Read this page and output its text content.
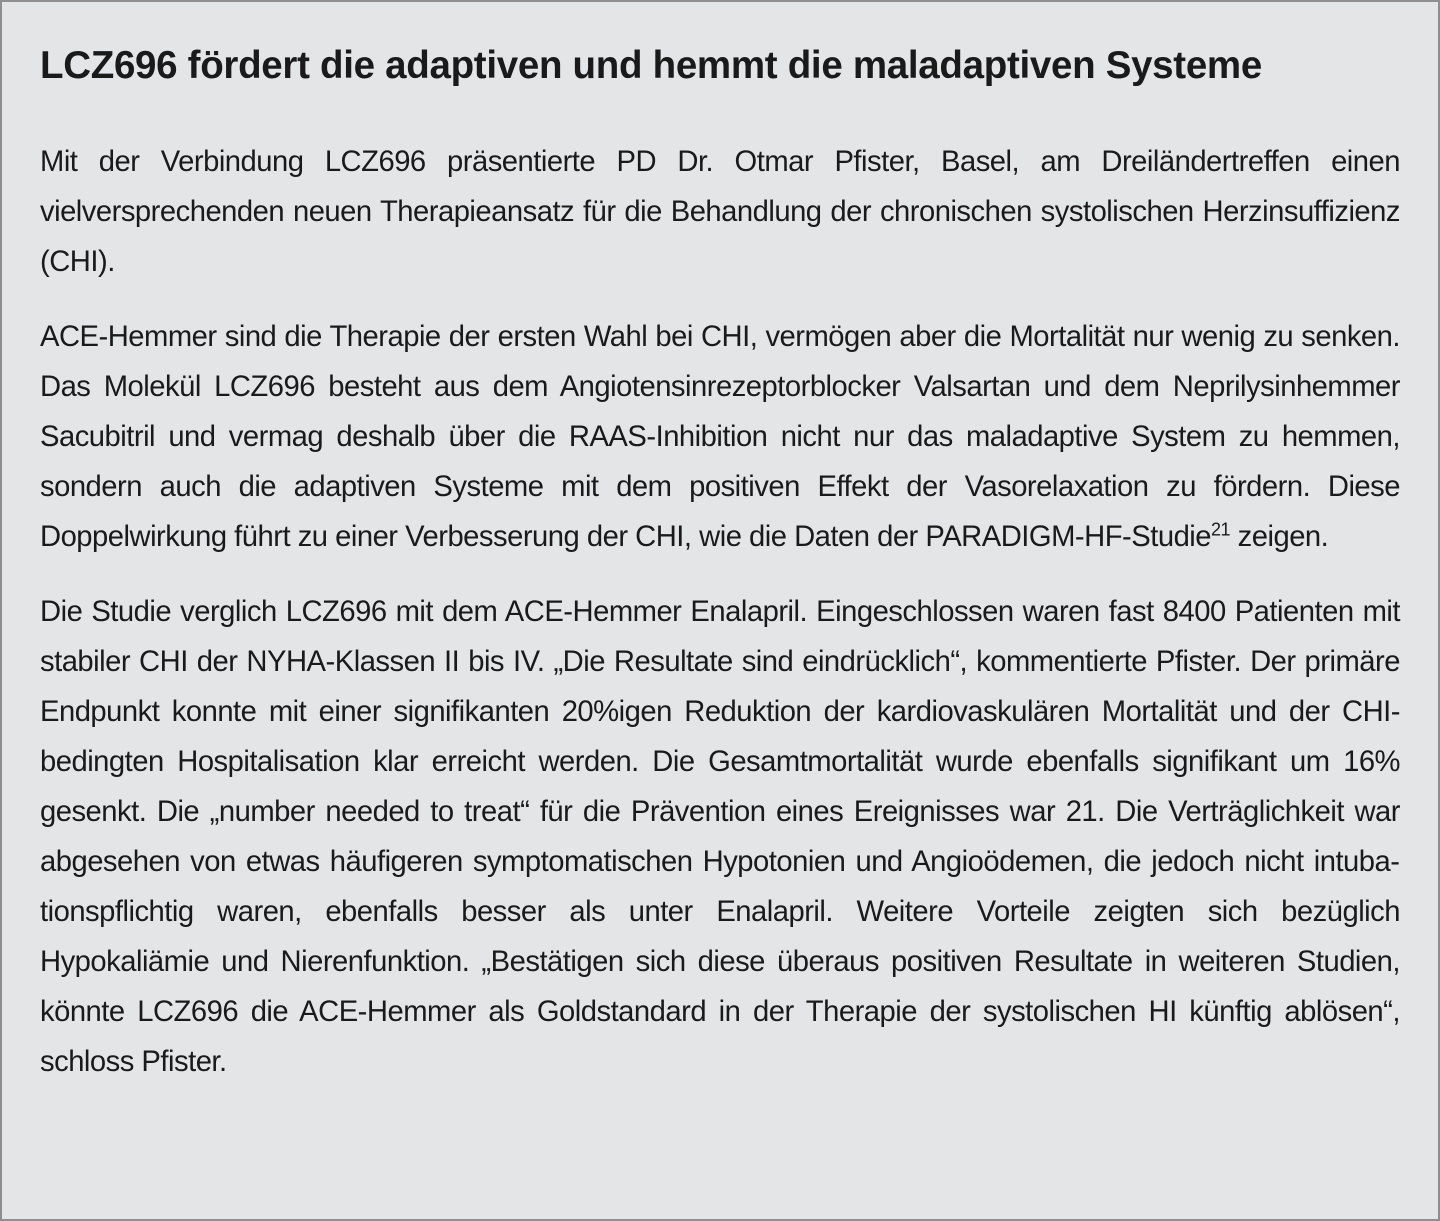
LCZ696 fördert die adaptiven und hemmt die maladaptiven Systeme

Mit der Verbindung LCZ696 präsentierte PD Dr. Otmar Pfister, Basel, am Dreiländertreffen einen vielversprechenden neuen Therapieansatz für die Behandlung der chronischen systolischen Herzinsuffizienz (CHI).

ACE-Hemmer sind die Therapie der ersten Wahl bei CHI, vermögen aber die Mortalität nur wenig zu senken. Das Molekül LCZ696 besteht aus dem Angiotensinrezeptorblocker Valsartan und dem Neprilysinhemmer Sacubitril und vermag deshalb über die RAAS-Inhibition nicht nur das maladaptive System zu hemmen, sondern auch die adaptiven Systeme mit dem positiven Effekt der Vasorelaxation zu fördern. Diese Doppelwirkung führt zu einer Verbesserung der CHI, wie die Daten der PARADIGM-HF-Studie$^{21}$ zeigen.

Die Studie verglich LCZ696 mit dem ACE-Hemmer Enalapril. Eingeschlossen waren fast 8400 Patienten mit stabiler CHI der NYHA-Klassen II bis IV. „Die Resultate sind eindrücklich“, kommentierte Pfister. Der primäre Endpunkt konnte mit einer signifikanten 20%igen Reduktion der kardiovaskulären Mortalität und der CHI-bedingten Hospitalisation klar erreicht werden. Die Gesamtmortalität wurde ebenfalls signifikant um 16% gesenkt. Die „number needed to treat“ für die Prävention eines Ereignisses war 21. Die Verträglichkeit war abgesehen von etwas häufigeren symptomatischen Hypotonien und Angioödemen, die jedoch nicht intubationspflichtig waren, ebenfalls besser als unter Enalapril. Weitere Vorteile zeigten sich bezüglich Hypokaliämie und Nierenfunktion. „Bestätigen sich diese überaus positiven Resultate in weiteren Studien, könnte LCZ696 die ACE-Hemmer als Goldstandard in der Therapie der systolischen HI künftig ablösen“, schloss Pfister.
